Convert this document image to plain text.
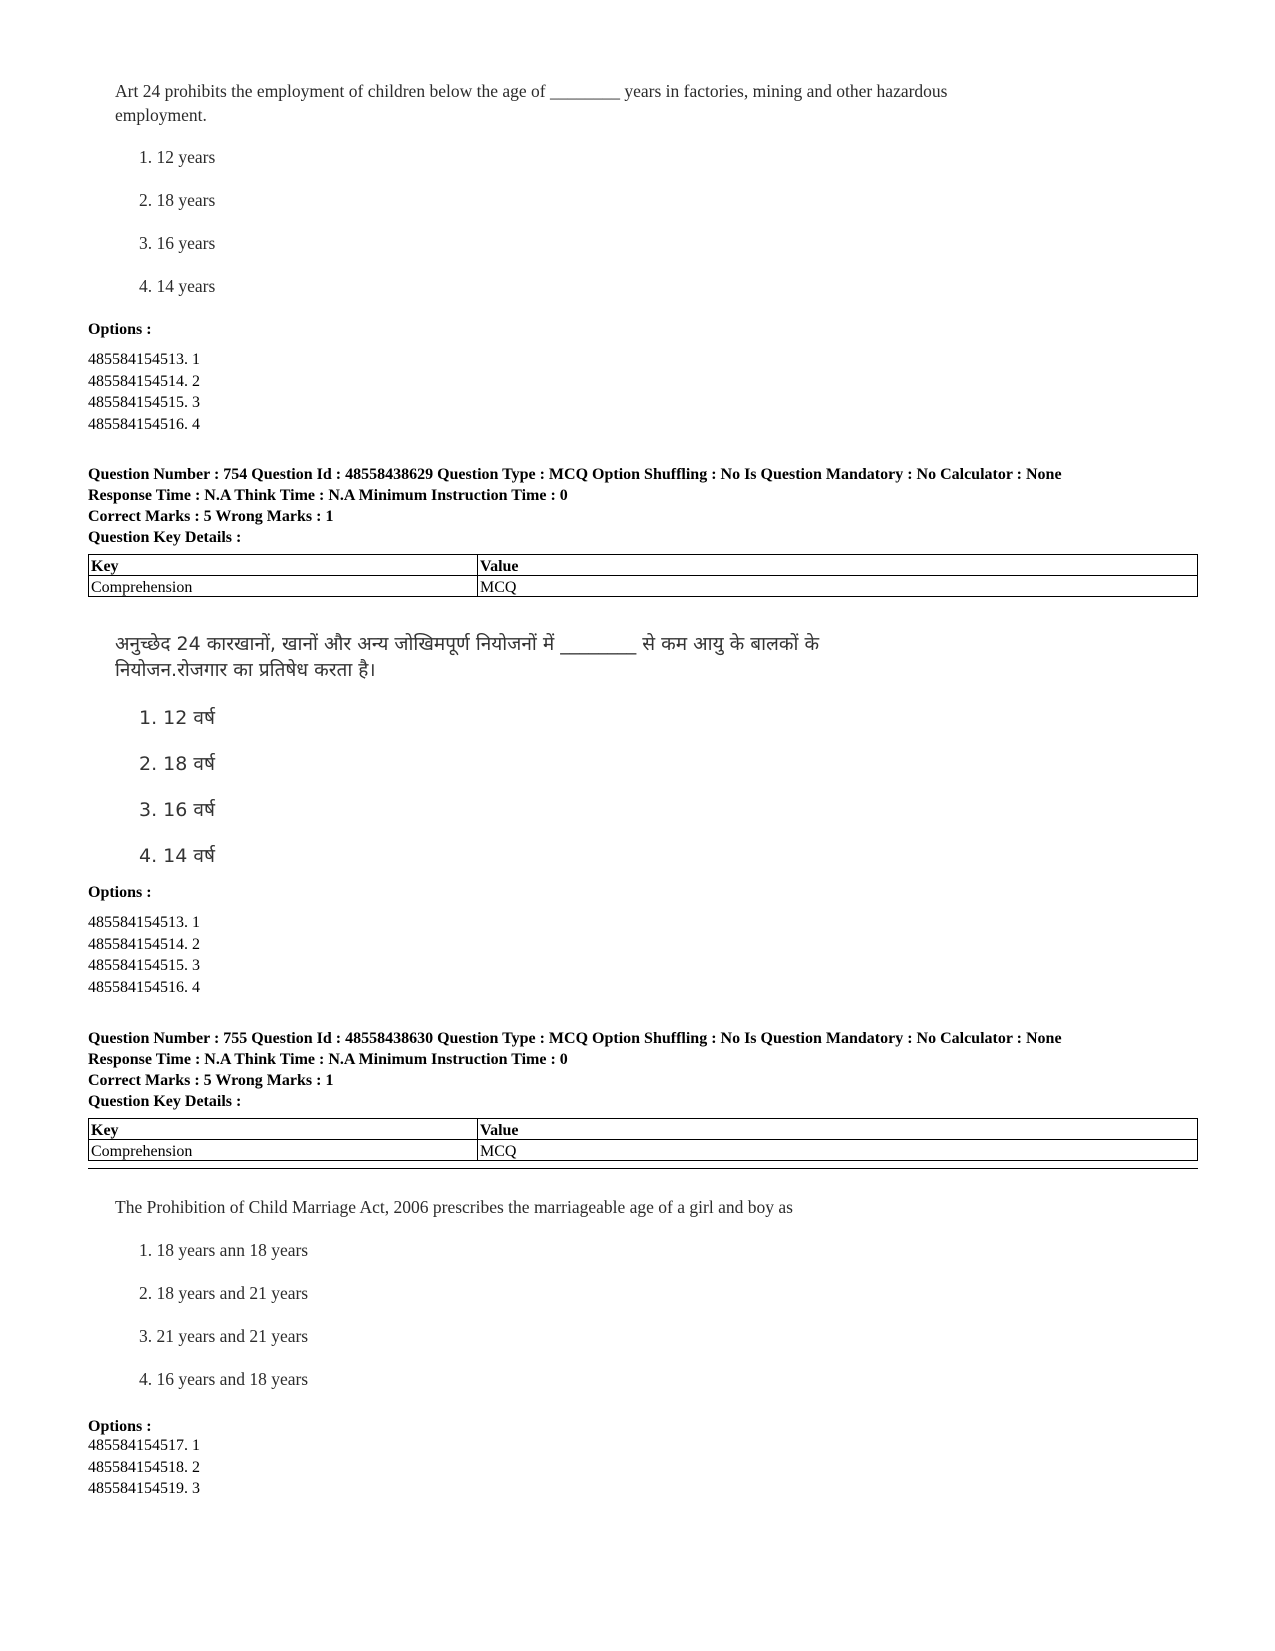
Art 24 prohibits the employment of children below the age of ________ years in factories, mining and other hazardous employment.
1. 12 years
2. 18 years
3. 16 years
4. 14 years
Options :
485584154513. 1
485584154514. 2
485584154515. 3
485584154516. 4
Question Number : 754 Question Id : 48558438629 Question Type : MCQ Option Shuffling : No Is Question Mandatory : No Calculator : None
Response Time : N.A Think Time : N.A Minimum Instruction Time : 0
Correct Marks : 5 Wrong Marks : 1
Question Key Details :
Key	Value
Comprehension	MCQ
अनुच्छेद 24 कारखानों, खानों और अन्य जोखिमपूर्ण नियोजनों में ________ से कम आयु के बालकों के नियोजन.रोजगार का प्रतिषेध करता है।
1. 12 वर्ष
2. 18 वर्ष
3. 16 वर्ष
4. 14 वर्ष
Options :
485584154513. 1
485584154514. 2
485584154515. 3
485584154516. 4
Question Number : 755 Question Id : 48558438630 Question Type : MCQ Option Shuffling : No Is Question Mandatory : No Calculator : None
Response Time : N.A Think Time : N.A Minimum Instruction Time : 0
Correct Marks : 5 Wrong Marks : 1
Question Key Details :
Key	Value
Comprehension	MCQ
The Prohibition of Child Marriage Act, 2006 prescribes the marriageable age of a girl and boy as
1. 18 years ann 18 years
2. 18 years and 21 years
3. 21 years and 21 years
4. 16 years and 18 years
Options :
485584154517. 1
485584154518. 2
485584154519. 3
